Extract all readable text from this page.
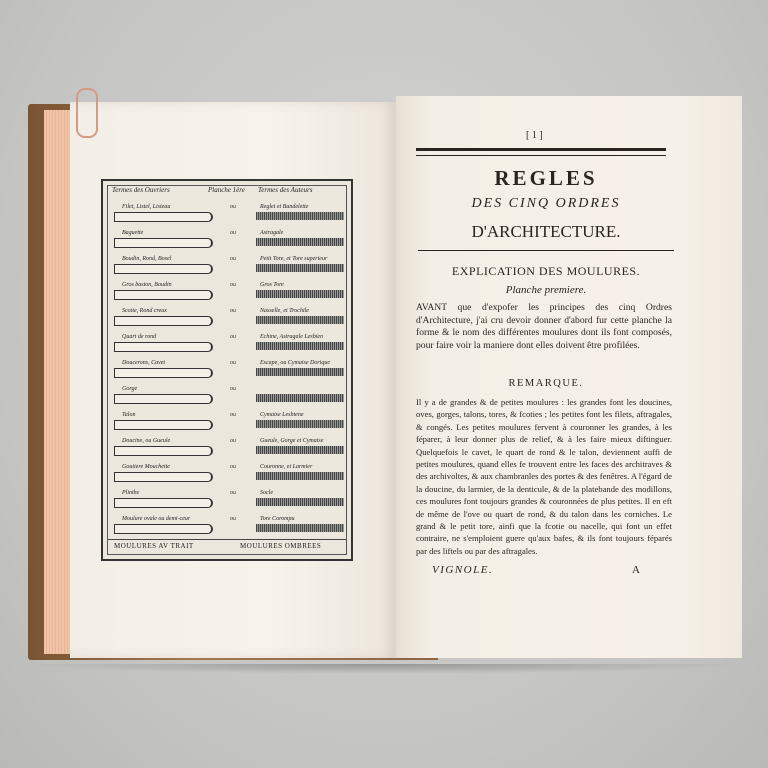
Termes des Ouvriers	Planche 1ère Termes des Auteurs
Filet, Listel, Listeau	ou	Reglet et Bandelette
Baguette	ou	Astragale
Boudin, Rond, Bosel	ou	Petit Tore, et Tore superieur
Gros baston, Boudin	ou	Gros Tore
Scotie, Rond creux	ou	Nasselle, et Trochile
Quart de rond	ou	Echine, Astragale Lesbien
Doucerons, Cavet	ou	Escape, ou Cymaise Dorique
Gorge	ou
Talon	ou	Cymaise Lesbiene
Doucine, ou Gueule	ou	Gueule, Gorge et Cymaise
Goutiere Mouchette	ou	Couronne, et Larmier
Plinthe	ou	Socle
Moulure ovale ou demi-ceur	ou	Tore Corompu
MOULURES AV TRAIT	MOULURES OMBREES
[ 1 ]
REGLES
DES CINQ ORDRES
D'ARCHITECTURE.
EXPLICATION DES MOULURES.
Planche premiere.
AVANT que d'expofer les principes des cinq Ordres d'Architecture, j'ai cru devoir donner d'abord fur cette planche la forme & le nom des différentes moulures dont ils font composés, pour faire voir la maniere dont elles doivent être profilées.
REMARQUE.
Il y a de grandes & de petites moulures : les grandes font les doucines, oves, gorges, talons, tores, & fcoties ; les petites font les filets, aftragales, & congés. Les petites moulures fervent à couronner les grandes, à les féparer, à leur donner plus de relief, & à les faire mieux diftinguer. Quelquefois le cavet, le quart de rond & le talon, deviennent auffi de petites moulures, quand elles fe trouvent entre les faces des architraves & des archivoltes, & aux chambranles des portes & des fenêtres. A l'égard de la doucine, du larmier, de la denticule, & de la platebande des modillons, ces moulures font toujours grandes & couronnées de plus petites. Il en eft de même de l'ove ou quart de rond, & du talon dans les corniches. Le grand & le petit tore, ainfi que la fcotie ou nacelle, qui font un effet contraire, ne s'emploient guere qu'aux bafes, & ils font toujours féparés par des liftels ou par des aftragales.
VIGNOLE.	A
